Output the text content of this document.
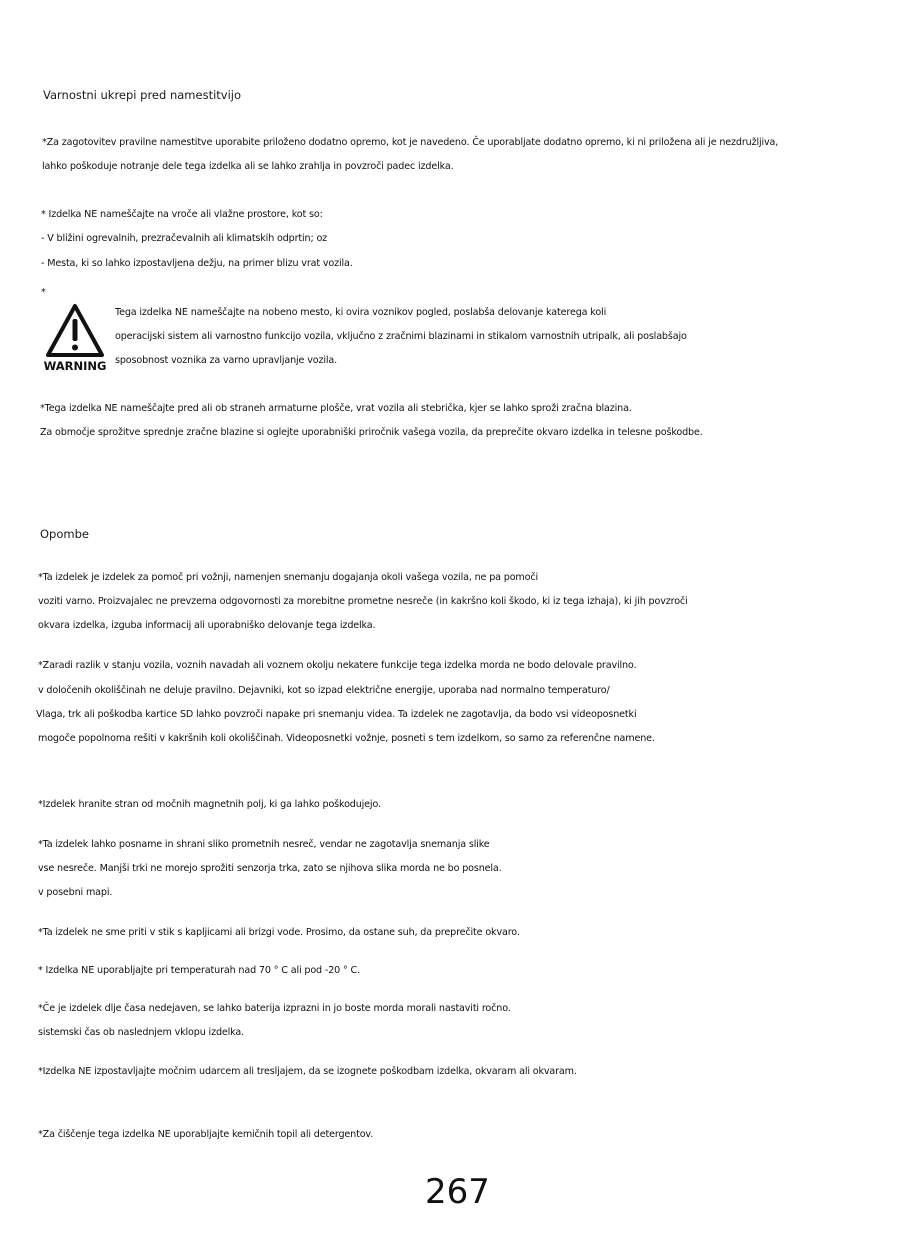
Varnostni ukrepi pred namestitvijo
*Za zagotovitev pravilne namestitve uporabite priloženo dodatno opremo, kot je navedeno. Če uporabljate dodatno opremo, ki ni priložena ali je nezdružljiva,
lahko poškoduje notranje dele tega izdelka ali se lahko zrahlja in povzroči padec izdelka.
* Izdelka NE nameščajte na vroče ali vlažne prostore, kot so:
- V bližini ogrevalnih, prezračevalnih ali klimatskih odprtin; oz
- Mesta, ki so lahko izpostavljena dežju, na primer blizu vrat vozila.
*
WARNING
Tega izdelka NE nameščajte na nobeno mesto, ki ovira voznikov pogled, poslabša delovanje katerega koli
operacijski sistem ali varnostno funkcijo vozila, vključno z zračnimi blazinami in stikalom varnostnih utripalk, ali poslabšajo
sposobnost voznika za varno upravljanje vozila.
*Tega izdelka NE nameščajte pred ali ob straneh armaturne plošče, vrat vozila ali stebrička, kjer se lahko sproži zračna blazina.
Za območje sprožitve sprednje zračne blazine si oglejte uporabniški priročnik vašega vozila, da preprečite okvaro izdelka in telesne poškodbe.
Opombe
*Ta izdelek je izdelek za pomoč pri vožnji, namenjen snemanju dogajanja okoli vašega vozila, ne pa pomoči
voziti varno. Proizvajalec ne prevzema odgovornosti za morebitne prometne nesreče (in kakršno koli škodo, ki iz tega izhaja), ki jih povzroči
okvara izdelka, izguba informacij ali uporabniško delovanje tega izdelka.
*Zaradi razlik v stanju vozila, voznih navadah ali voznem okolju nekatere funkcije tega izdelka morda ne bodo delovale pravilno.
v določenih okoliščinah ne deluje pravilno. Dejavniki, kot so izpad električne energije, uporaba nad normalno temperaturo/
Vlaga, trk ali poškodba kartice SD lahko povzroči napake pri snemanju videa. Ta izdelek ne zagotavlja, da bodo vsi videoposnetki
mogoče popolnoma rešiti v kakršnih koli okoliščinah. Videoposnetki vožnje, posneti s tem izdelkom, so samo za referenčne namene.
*Izdelek hranite stran od močnih magnetnih polj, ki ga lahko poškodujejo.
*Ta izdelek lahko posname in shrani sliko prometnih nesreč, vendar ne zagotavlja snemanja slike
vse nesreče. Manjši trki ne morejo sprožiti senzorja trka, zato se njihova slika morda ne bo posnela.
v posebni mapi.
*Ta izdelek ne sme priti v stik s kapljicami ali brizgi vode. Prosimo, da ostane suh, da preprečite okvaro.
* Izdelka NE uporabljajte pri temperaturah nad 70 ° C ali pod -20 ° C.
*Če je izdelek dlje časa nedejaven, se lahko baterija izprazni in jo boste morda morali nastaviti ročno.
sistemski čas ob naslednjem vklopu izdelka.
*Izdelka NE izpostavljajte močnim udarcem ali tresljajem, da se izognete poškodbam izdelka, okvaram ali okvaram.
*Za čiščenje tega izdelka NE uporabljajte kemičnih topil ali detergentov.
267
